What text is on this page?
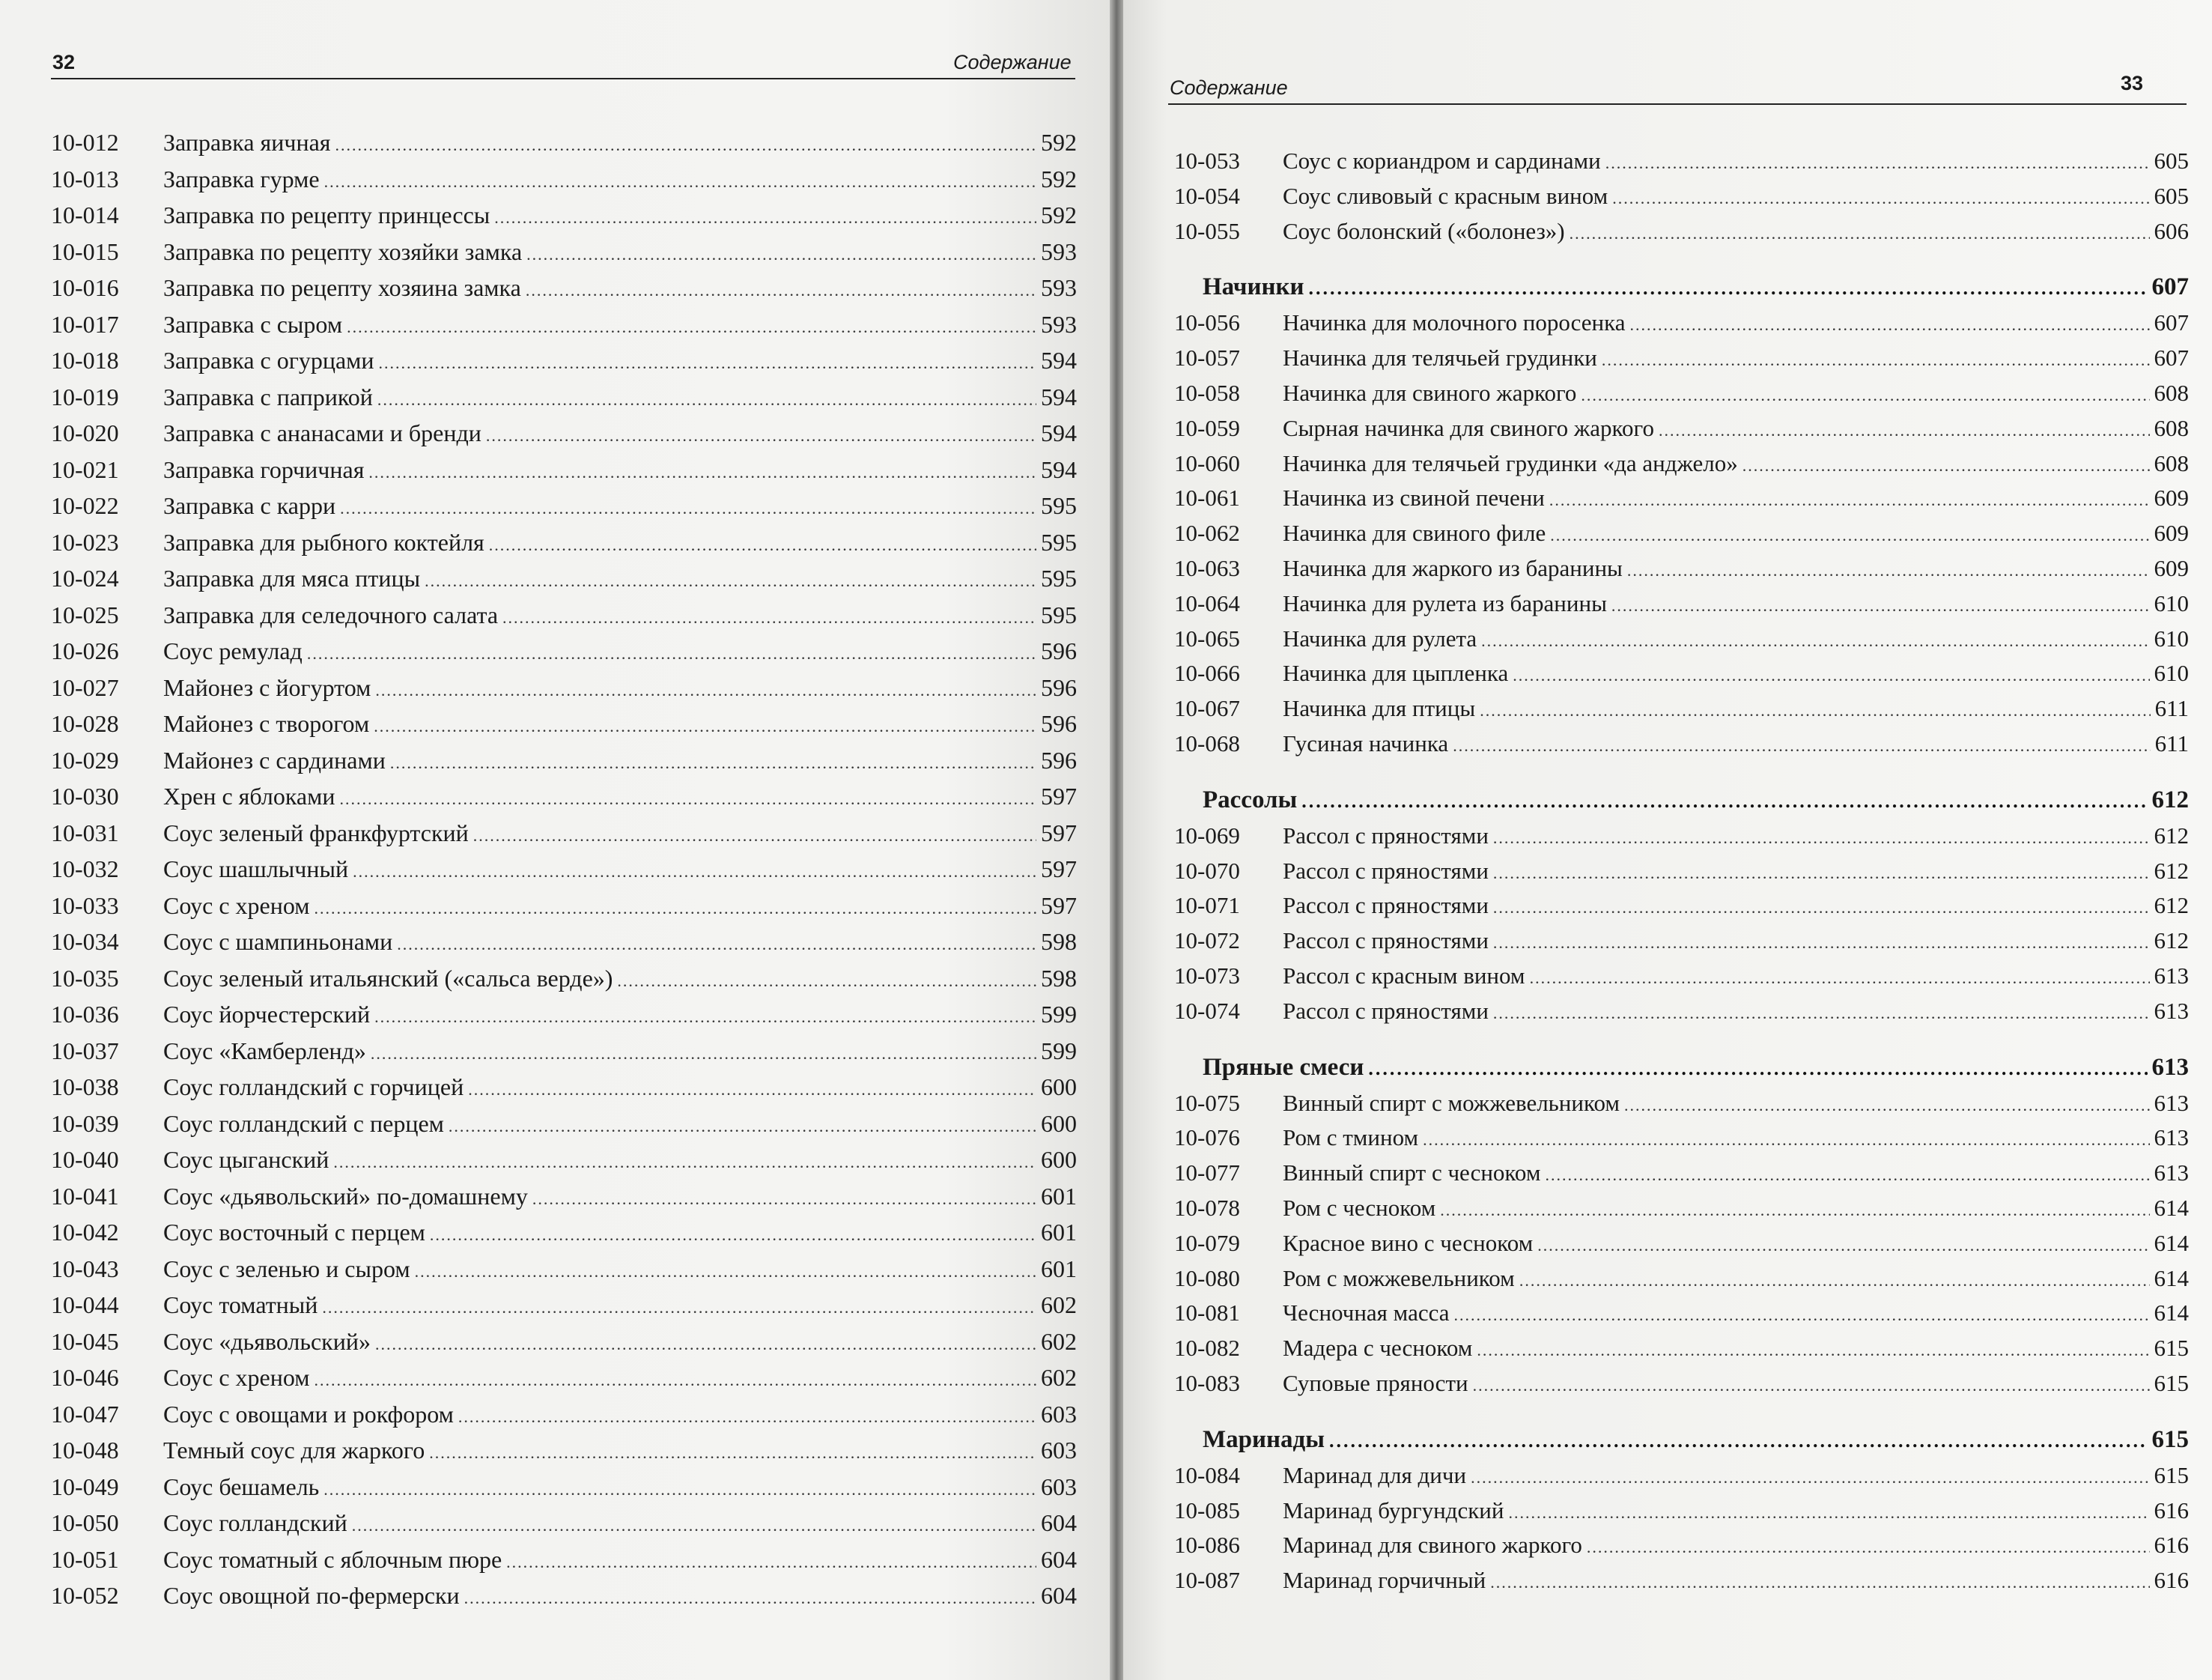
32	Содержание
10-012	Заправка яичная .....	592
10-013	Заправка гурме .....	592
10-014	Заправка по рецепту принцессы .....	592
10-015	Заправка по рецепту хозяйки замка .....	593
10-016	Заправка по рецепту хозяина замка .....	593
10-017	Заправка с сыром .....	593
10-018	Заправка с огурцами .....	594
10-019	Заправка с паприкой .....	594
10-020	Заправка с ананасами и бренди .....	594
10-021	Заправка горчичная .....	594
10-022	Заправка с карри .....	595
10-023	Заправка для рыбного коктейля .....	595
10-024	Заправка для мяса птицы .....	595
10-025	Заправка для селедочного салата .....	595
10-026	Соус ремулад .....	596
10-027	Майонез с йогуртом .....	596
10-028	Майонез с творогом .....	596
10-029	Майонез с сардинами .....	596
10-030	Хрен с яблоками .....	597
10-031	Соус зеленый франкфуртский .....	597
10-032	Соус шашлычный .....	597
10-033	Соус с хреном .....	597
10-034	Соус с шампиньонами .....	598
10-035	Соус зеленый итальянский («сальса верде») .....	598
10-036	Соус йорчестерский .....	599
10-037	Соус «Камберленд» .....	599
10-038	Соус голландский с горчицей .....	600
10-039	Соус голландский с перцем .....	600
10-040	Соус цыганский .....	600
10-041	Соус «дьявольский» по-домашнему .....	601
10-042	Соус восточный с перцем .....	601
10-043	Соус с зеленью и сыром .....	601
10-044	Соус томатный .....	602
10-045	Соус «дьявольский» .....	602
10-046	Соус с хреном .....	602
10-047	Соус с овощами и рокфором .....	603
10-048	Темный соус для жаркого .....	603
10-049	Соус бешамель .....	603
10-050	Соус голландский .....	604
10-051	Соус томатный с яблочным пюре .....	604
10-052	Соус овощной по-фермерски .....	604
Содержание	33
10-053	Соус с кориандром и сардинами .....	605
10-054	Соус сливовый с красным вином .....	605
10-055	Соус болонский («болонез») .....	606
Начинки .....	607
10-056	Начинка для молочного поросенка .....	607
10-057	Начинка для телячьей грудинки .....	607
10-058	Начинка для свиного жаркого .....	608
10-059	Сырная начинка для свиного жаркого .....	608
10-060	Начинка для телячьей грудинки «да анджело» .....	608
10-061	Начинка из свиной печени .....	609
10-062	Начинка для свиного филе .....	609
10-063	Начинка для жаркого из баранины .....	609
10-064	Начинка для рулета из баранины .....	610
10-065	Начинка для рулета .....	610
10-066	Начинка для цыпленка .....	610
10-067	Начинка для птицы .....	611
10-068	Гусиная начинка .....	611
Рассолы .....	612
10-069	Рассол с пряностями .....	612
10-070	Рассол с пряностями .....	612
10-071	Рассол с пряностями .....	612
10-072	Рассол с пряностями .....	612
10-073	Рассол с красным вином .....	613
10-074	Рассол с пряностями .....	613
Пряные смеси .....	613
10-075	Винный спирт с можжевельником .....	613
10-076	Ром с тмином .....	613
10-077	Винный спирт с чесноком .....	613
10-078	Ром с чесноком .....	614
10-079	Красное вино с чесноком .....	614
10-080	Ром с можжевельником .....	614
10-081	Чесночная масса .....	614
10-082	Мадера с чесноком .....	615
10-083	Суповые пряности .....	615
Маринады .....	615
10-084	Маринад для дичи .....	615
10-085	Маринад бургундский .....	616
10-086	Маринад для свиного жаркого .....	616
10-087	Маринад горчичный .....	616
